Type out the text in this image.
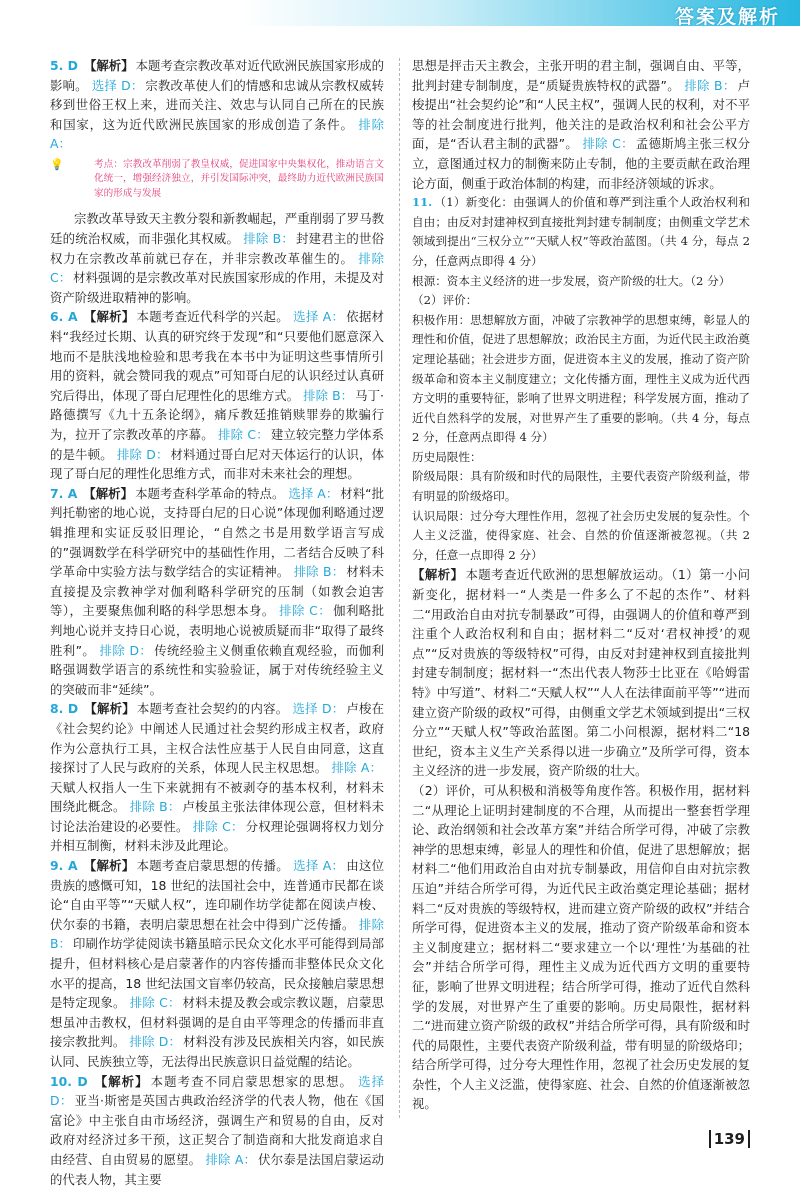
答案及解析

5. D 【解析】 本题考查宗教改革对近代欧洲民族国家形成的影响。 选择 D： 宗教改革使人们的情感和忠诚从宗教权威转移到世俗王权上来，进而关注、效忠与认同自己所在的民族和国家，这为近代欧洲民族国家的形成创造了条件。 排除 A：

💡	考点：宗教改革削弱了教皇权威，促进国家中央集权化，推动语言文化统一，增强经济独立，并引发国际冲突，最终助力近代欧洲民族国家的形成与发展

宗教改革导致天主教分裂和新教崛起，严重削弱了罗马教廷的统治权威，而非强化其权威。 排除 B： 封建君主的世俗权力在宗教改革前就已存在，并非宗教改革催生的。 排除 C： 材料强调的是宗教改革对民族国家形成的作用，未提及对资产阶级进取精神的影响。

6. A 【解析】 本题考查近代科学的兴起。 选择 A： 依据材料“我经过长期、认真的研究终于发现”和“只要他们愿意深入地而不是肤浅地检验和思考我在本书中为证明这些事情所引用的资料，就会赞同我的观点”可知哥白尼的认识经过认真研究后得出，体现了哥白尼理性化的思维方式。 排除 B： 马丁·路德撰写《九十五条论纲》，痛斥教廷推销赎罪券的欺骗行为，拉开了宗教改革的序幕。 排除 C： 建立较完整力学体系的是牛顿。 排除 D： 材料通过哥白尼对天体运行的认识，体现了哥白尼的理性化思维方式，而非对未来社会的理想。

7. A 【解析】 本题考查科学革命的特点。 选择 A： 材料“批判托勒密的地心说，支持哥白尼的日心说”体现伽利略通过逻辑推理和实证反驳旧理论，“自然之书是用数学语言写成的”强调数学在科学研究中的基础性作用，二者结合反映了科学革命中实验方法与数学结合的实证精神。 排除 B： 材料未直接提及宗教神学对伽利略科学研究的压制（如教会迫害等），主要聚焦伽利略的科学思想本身。 排除 C： 伽利略批判地心说并支持日心说，表明地心说被质疑而非“取得了最终胜利”。 排除 D： 传统经验主义侧重依赖直观经验，而伽利略强调数学语言的系统性和实验验证，属于对传统经验主义的突破而非“延续”。

8. D 【解析】 本题考查社会契约的内容。 选择 D： 卢梭在《社会契约论》中阐述人民通过社会契约形成主权者，政府作为公意执行工具，主权合法性应基于人民自由同意，这直接探讨了人民与政府的关系，体现人民主权思想。 排除 A：天赋人权指人一生下来就拥有不被剥夺的基本权利，材料未围绕此概念。 排除 B： 卢梭虽主张法律体现公意，但材料未讨论法治建设的必要性。 排除 C： 分权理论强调将权力划分并相互制衡，材料未涉及此理论。

9. A 【解析】 本题考查启蒙思想的传播。 选择 A： 由这位贵族的感慨可知，18 世纪的法国社会中，连普通市民都在谈论“自由平等”“天赋人权”，连印刷作坊学徒都在阅读卢梭、伏尔泰的书籍，表明启蒙思想在社会中得到广泛传播。 排除 B： 印刷作坊学徒阅读书籍虽暗示民众文化水平可能得到局部提升，但材料核心是启蒙著作的内容传播而非整体民众文化水平的提高，18 世纪法国文盲率仍较高，民众接触启蒙思想是特定现象。 排除 C： 材料未提及教会或宗教议题，启蒙思想虽冲击教权，但材料强调的是自由平等理念的传播而非直接宗教批判。 排除 D： 材料没有涉及民族相关内容，如民族认同、民族独立等，无法得出民族意识日益觉醒的结论。

10. D 【解析】 本题考查不同启蒙思想家的思想。 选择 D： 亚当·斯密是英国古典政治经济学的代表人物，他在《国富论》中主张自由市场经济，强调生产和贸易的自由，反对政府对经济过多干预，这正契合了制造商和大批发商追求自由经营、自由贸易的愿望。 排除 A： 伏尔泰是法国启蒙运动的代表人物，其主要

思想是抨击天主教会，主张开明的君主制，强调自由、平等，批判封建专制制度，是“质疑贵族特权的武器”。 排除 B： 卢梭提出“社会契约论”和“人民主权”，强调人民的权利，对不平等的社会制度进行批判，他关注的是政治权利和社会公平方面，是“否认君主制的武器”。 排除 C： 孟德斯鸠主张三权分立，意图通过权力的制衡来防止专制，他的主要贡献在政治理论方面，侧重于政治体制的构建，而非经济领域的诉求。

11. （1）新变化：由强调人的价值和尊严到注重个人政治权利和自由；由反对封建神权到直接批判封建专制制度；由侧重文学艺术领域到提出“三权分立”“天赋人权”等政治蓝图。（共 4 分，每点 2 分，任意两点即得 4 分）

根源：资本主义经济的进一步发展，资产阶级的壮大。（2 分）

（2）评价：

积极作用：思想解放方面，冲破了宗教神学的思想束缚，彰显人的理性和价值，促进了思想解放；政治民主方面，为近代民主政治奠定理论基础；社会进步方面，促进资本主义的发展，推动了资产阶级革命和资本主义制度建立；文化传播方面，理性主义成为近代西方文明的重要特征，影响了世界文明进程；科学发展方面，推动了近代自然科学的发展，对世界产生了重要的影响。（共 4 分，每点 2 分，任意两点即得 4 分）

历史局限性：

阶级局限：具有阶级和时代的局限性，主要代表资产阶级利益，带有明显的阶级烙印。

认识局限：过分夸大理性作用，忽视了社会历史发展的复杂性。个人主义泛滥，使得家庭、社会、自然的价值逐渐被忽视。（共 2 分，任意一点即得 2 分）

【解析】 本题考查近代欧洲的思想解放运动。（1）第一小问新变化，据材料一“人类是一件多么了不起的杰作”、材料二“用政治自由对抗专制暴政”可得，由强调人的价值和尊严到注重个人政治权利和自由；据材料二“反对‘君权神授’的观点”“反对贵族的等级特权”可得，由反对封建神权到直接批判封建专制制度；据材料一“杰出代表人物莎士比亚在《哈姆雷特》中写道”、材料二“天赋人权”“人人在法律面前平等”“进而建立资产阶级的政权”可得，由侧重文学艺术领域到提出“三权分立”“天赋人权”等政治蓝图。第二小问根源，据材料二“18 世纪，资本主义生产关系得以进一步确立”及所学可得，资本主义经济的进一步发展，资产阶级的壮大。

（2）评价，可从积极和消极等角度作答。积极作用，据材料二“从理论上证明封建制度的不合理，从而提出一整套哲学理论、政治纲领和社会改革方案”并结合所学可得，冲破了宗教神学的思想束缚，彰显人的理性和价值，促进了思想解放；据材料二“他们用政治自由对抗专制暴政，用信仰自由对抗宗教压迫”并结合所学可得，为近代民主政治奠定理论基础；据材料二“反对贵族的等级特权，进而建立资产阶级的政权”并结合所学可得，促进资本主义的发展，推动了资产阶级革命和资本主义制度建立；据材料二“要求建立一个以‘理性’为基础的社会”并结合所学可得，理性主义成为近代西方文明的重要特征，影响了世界文明进程；结合所学可得，推动了近代自然科学的发展，对世界产生了重要的影响。历史局限性，据材料二“进而建立资产阶级的政权”并结合所学可得，具有阶级和时代的局限性，主要代表资产阶级利益，带有明显的阶级烙印；结合所学可得，过分夸大理性作用，忽视了社会历史发展的复杂性，个人主义泛滥，使得家庭、社会、自然的价值逐渐被忽视。

139
